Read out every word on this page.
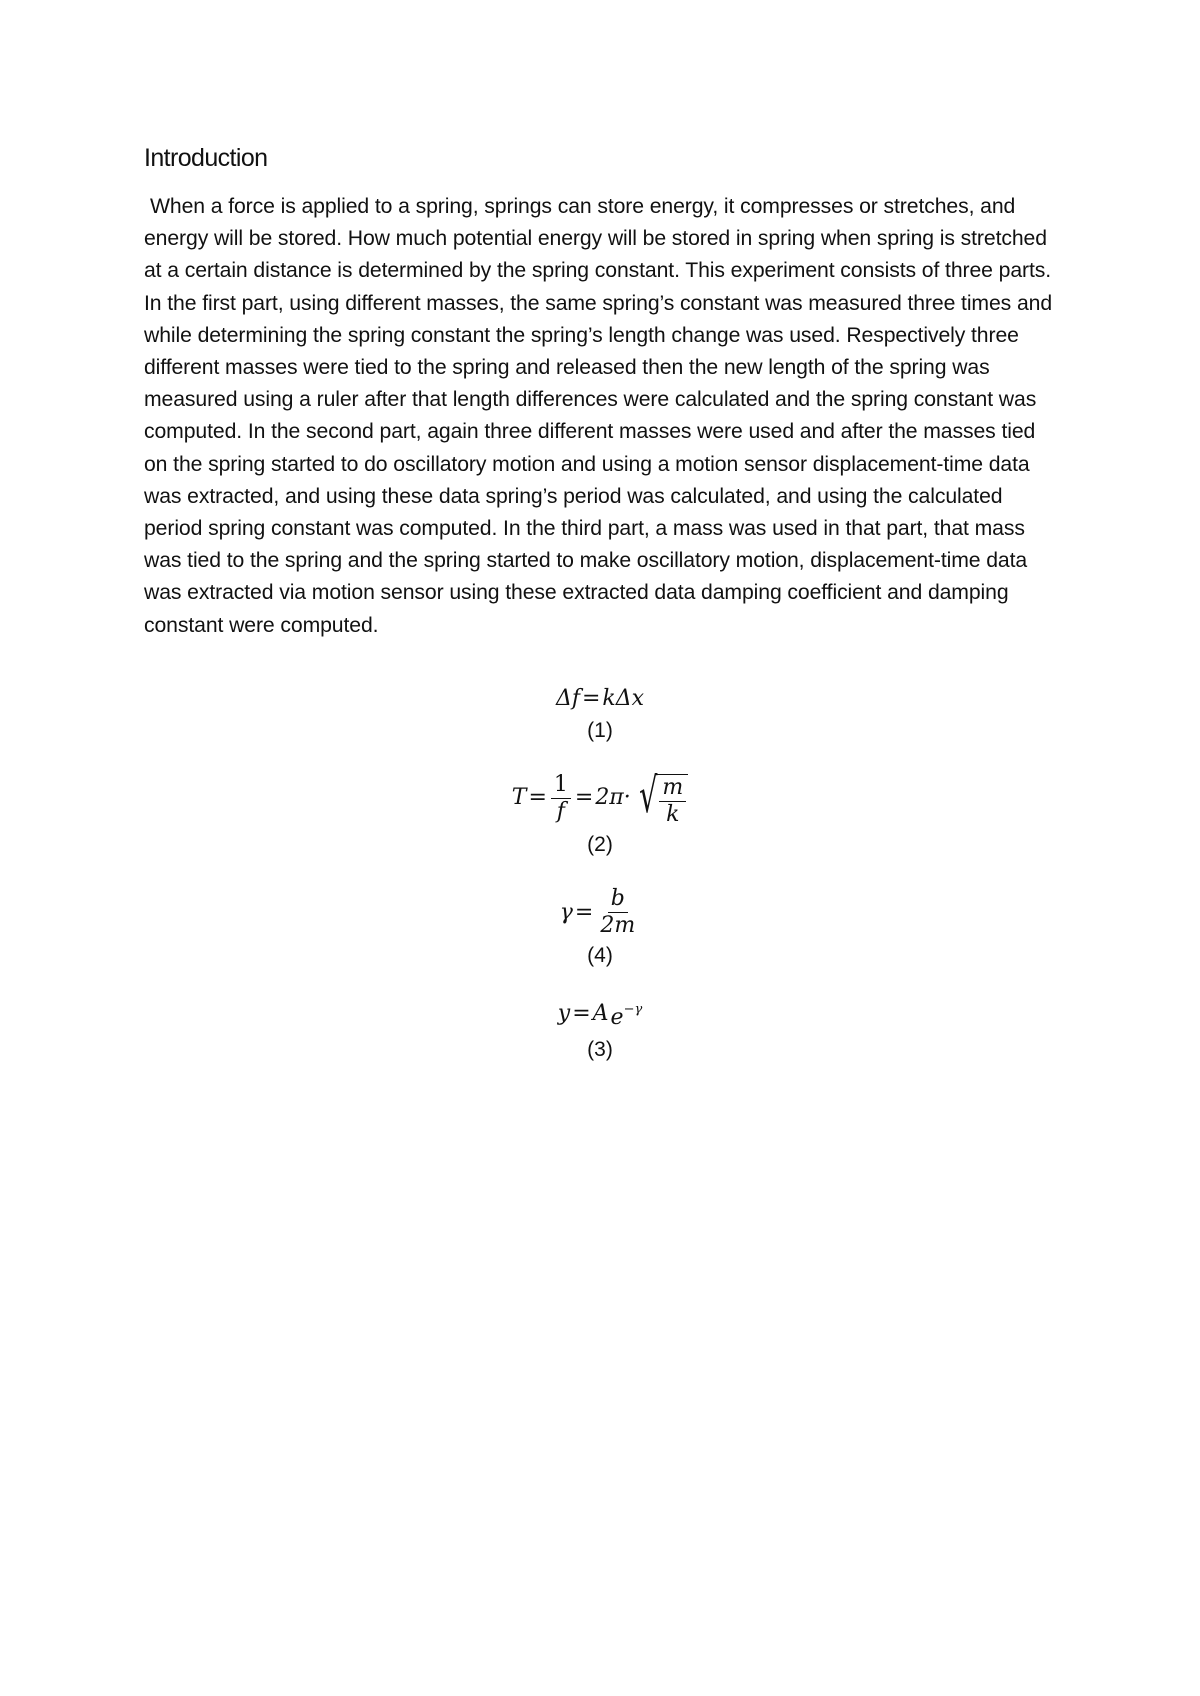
Introduction

When a force is applied to a spring, springs can store energy, it compresses or stretches, and energy will be stored. How much potential energy will be stored in spring when spring is stretched at a certain distance is determined by the spring constant. This experiment consists of three parts. In the first part, using different masses, the same spring’s constant was measured three times and while determining the spring constant the spring’s length change was used. Respectively three different masses were tied to the spring and released then the new length of the spring was measured using a ruler after that length differences were calculated and the spring constant was computed. In the second part, again three different masses were used and after the masses tied on the spring started to do oscillatory motion and using a motion sensor displacement-time data was extracted, and using these data spring’s period was calculated, and using the calculated period spring constant was computed. In the third part, a mass was used in that part, that mass was tied to the spring and the spring started to make oscillatory motion, displacement-time data was extracted via motion sensor using these extracted data damping coefficient and damping constant were computed.

Δf = kΔx
(1)
$T = \frac{1}{f} = 2\pi\cdot$ √ $\frac{m}{k}$
(2)
$\gamma = \frac{b}{2m}$
(4)
y = A $e^{-\gamma}$
(3)
